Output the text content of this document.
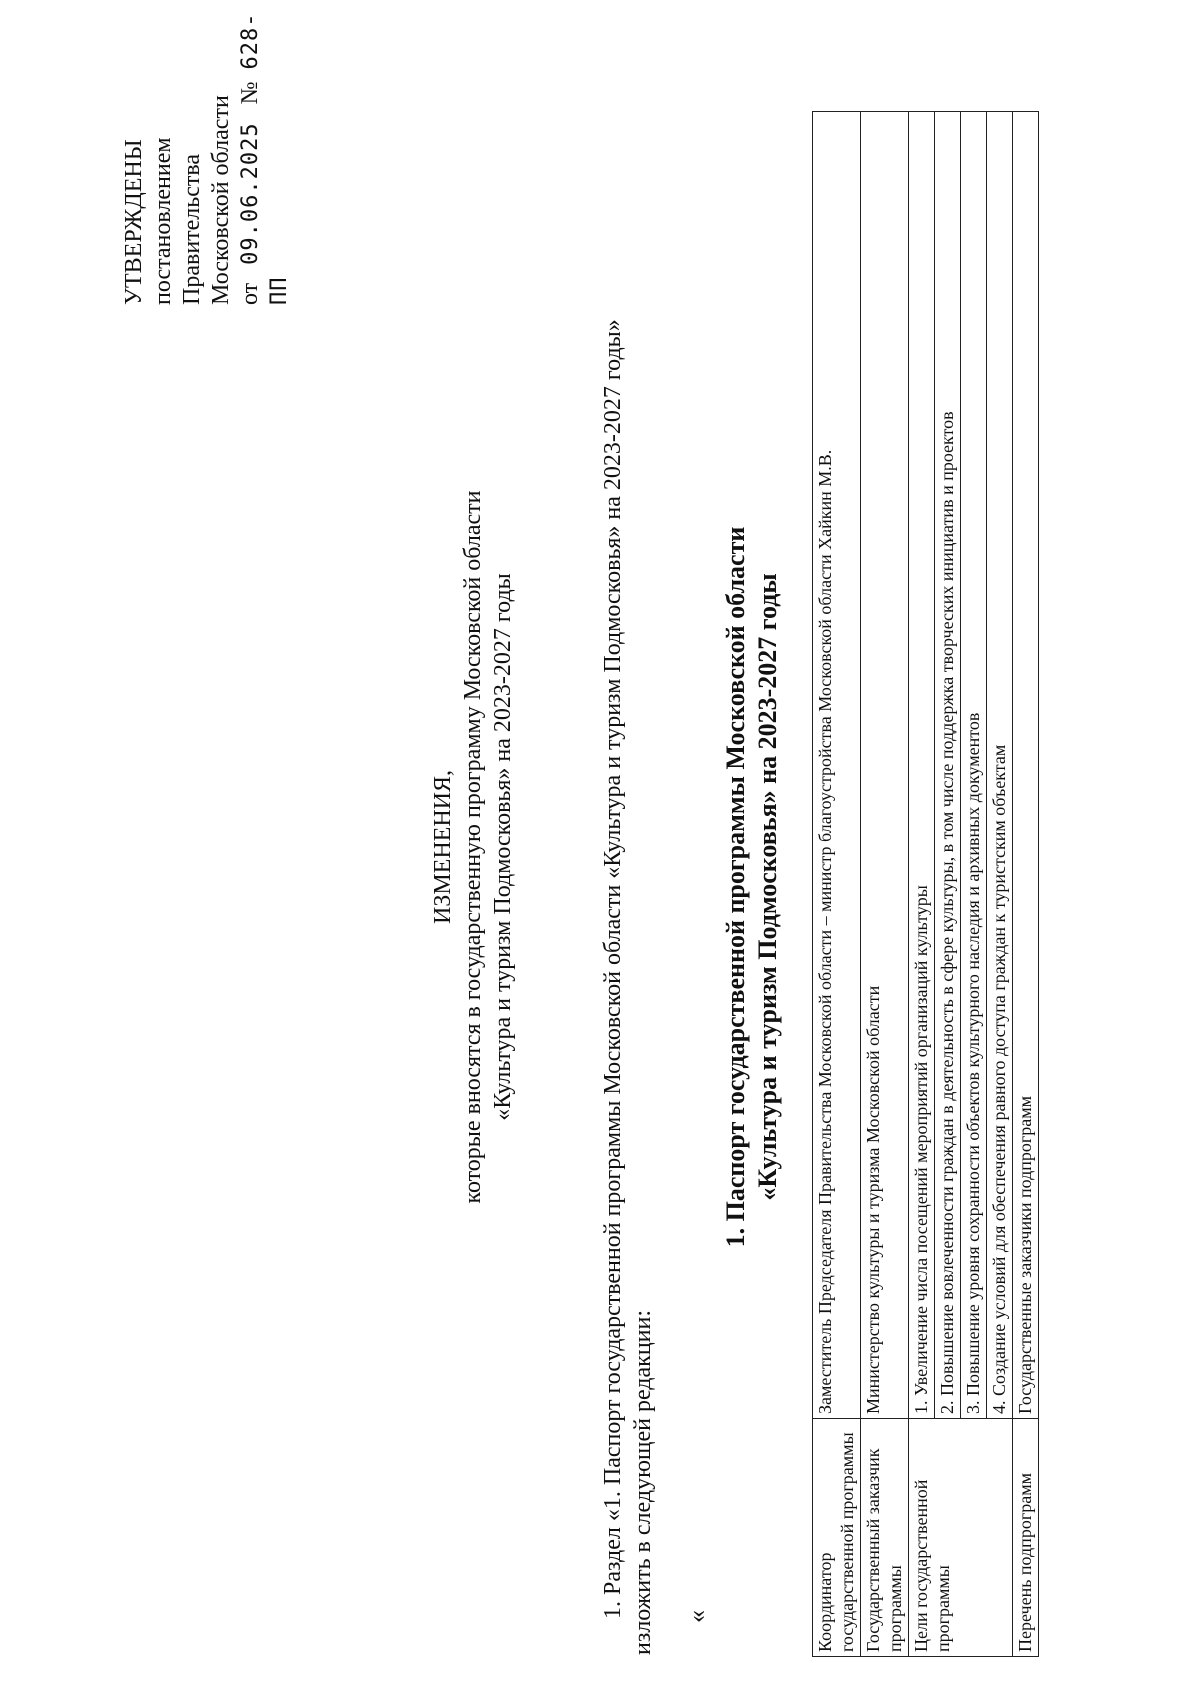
УТВЕРЖДЕНЫ постановлением Правительства Московской области от   09.06.2025   №  628-ПП
ИЗМЕНЕНИЯ, которые вносятся в государственную программу Московской области «Культура и туризм Подмосковья» на 2023-2027 годы	1. Раздел «1. Паспорт государственной программы Московской области «Культура и туризм Подмосковья» на 2023-2027 годы» изложить в следующей редакции: «
1. Паспорт государственной программы Московской области «Культура и туризм Подмосковья» на 2023-2027 годы
Координатор государственной программы	Заместитель Председателя Правительства Московской области – министр благоустройства Московской области Хайкин М.В.
Государственный заказчик программы	Министерство культуры и туризма Московской области
Цели государственной программы	1. Увеличение числа посещений мероприятий организаций культуры
	2. Повышение вовлеченности граждан в деятельность в сфере культуры, в том числе поддержка творческих инициатив и проектов
	3. Повышение уровня сохранности объектов культурного наследия и архивных документов
	4. Создание условий для обеспечения равного доступа граждан к туристским объектам
Перечень подпрограмм	Государственные заказчики подпрограмм
